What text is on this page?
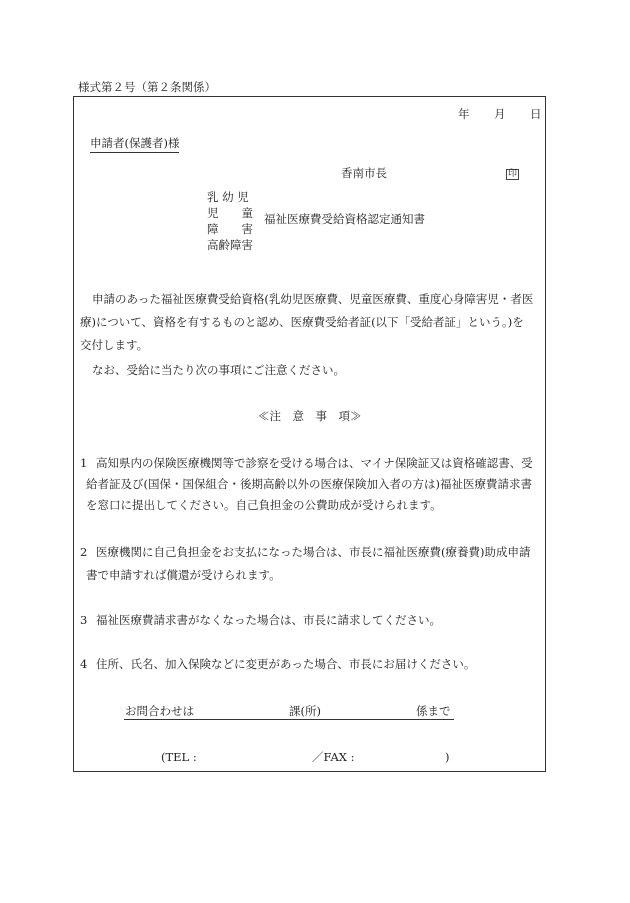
様式第２号（第２条関係）
年 月 日
申請者(保護者)様
香南市長	印
乳 幼 児
児　　童
障　　害
高齢障害
福祉医療費受給資格認定通知書
申請のあった福祉医療費受給資格(乳幼児医療費、児童医療費、重度心身障害児・者医
療)について、資格を有するものと認め、医療費受給者証(以下「受給者証」という。)を
交付します。
なお、受給に当たり次の事項にご注意ください。
≪注　意　事　項≫
1 高知県内の保険医療機関等で診察を受ける場合は、マイナ保険証又は資格確認書、受
給者証及び(国保・国保組合・後期高齢以外の医療保険加入者の方は)福祉医療費請求書
を窓口に提出してください。自己負担金の公費助成が受けられます。
2 医療機関に自己負担金をお支払になった場合は、市長に福祉医療費(療養費)助成申請
書で申請すれば償還が受けられます。
3 福祉医療費請求書がなくなった場合は、市長に請求してください。
4 住所、氏名、加入保険などに変更があった場合、市長にお届けください。
お問合わせは	課(所)	係まで
(TEL :	／FAX :	)
